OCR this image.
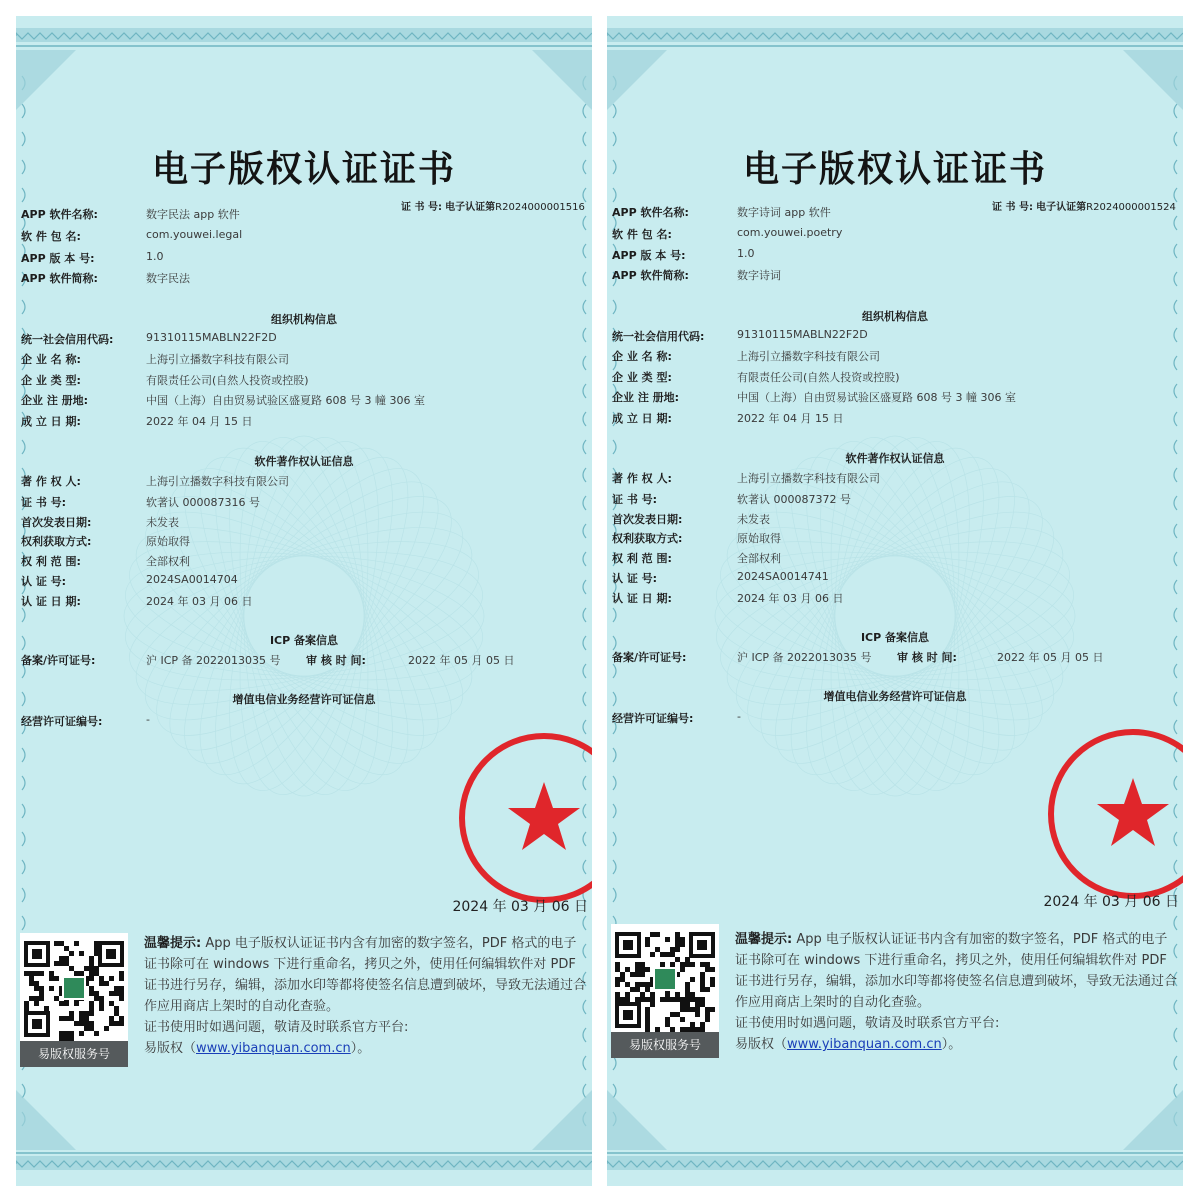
电子版权认证证书
证 书 号: 电子认证第R2024000001516
APP 软件名称:	数字民法 app 软件
软 件 包 名:	com.youwei.legal
APP 版 本 号:	1.0
APP 软件简称:	数字民法
组织机构信息
统一社会信用代码:	91310115MABLN22F2D
企 业 名 称:	上海引立播数字科技有限公司
企 业 类 型:	有限责任公司(自然人投资或控股)
企业 注 册地:	中国（上海）自由贸易试验区盛夏路 608 号 3 幢 306 室
成 立 日 期:	2022 年 04 月 15 日
软件著作权认证信息
著 作 权 人:	上海引立播数字科技有限公司
证 书 号:	软著认 000087316 号
首次发表日期:	未发表
权利获取方式:	原始取得
权 利 范 围:	全部权利
认 证 号:	2024SA0014704
认 证 日 期:	2024 年 03 月 06 日
ICP 备案信息
备案/许可证号:	沪 ICP 备 2022013035 号 审 核 时 间:	2022 年 05 月 05 日
增值电信业务经营许可证信息
经营许可证编号:	-
2024 年 03 月 06 日
易版权服务号
温馨提示: App 电子版权认证证书内含有加密的数字签名，PDF 格式的电子证书除可在 windows 下进行重命名，拷贝之外，使用任何编辑软件对 PDF 证书进行另存，编辑，添加水印等都将使签名信息遭到破坏，导致无法通过合作应用商店上架时的自动化查验。
证书使用时如遇问题，敬请及时联系官方平台:
易版权（www.yibanquan.com.cn）。
电子版权认证证书
证 书 号: 电子认证第R2024000001524
APP 软件名称:	数字诗词 app 软件
软 件 包 名:	com.youwei.poetry
APP 版 本 号:	1.0
APP 软件简称:	数字诗词
组织机构信息
统一社会信用代码:	91310115MABLN22F2D
企 业 名 称:	上海引立播数字科技有限公司
企 业 类 型:	有限责任公司(自然人投资或控股)
企业 注 册地:	中国（上海）自由贸易试验区盛夏路 608 号 3 幢 306 室
成 立 日 期:	2022 年 04 月 15 日
软件著作权认证信息
著 作 权 人:	上海引立播数字科技有限公司
证 书 号:	软著认 000087372 号
首次发表日期:	未发表
权利获取方式:	原始取得
权 利 范 围:	全部权利
认 证 号:	2024SA0014741
认 证 日 期:	2024 年 03 月 06 日
ICP 备案信息
备案/许可证号:	沪 ICP 备 2022013035 号 审 核 时 间:	2022 年 05 月 05 日
增值电信业务经营许可证信息
经营许可证编号:	-
2024 年 03 月 06 日
易版权服务号
温馨提示: App 电子版权认证证书内含有加密的数字签名，PDF 格式的电子证书除可在 windows 下进行重命名，拷贝之外，使用任何编辑软件对 PDF 证书进行另存，编辑，添加水印等都将使签名信息遭到破坏，导致无法通过合作应用商店上架时的自动化查验。
证书使用时如遇问题，敬请及时联系官方平台:
易版权（www.yibanquan.com.cn）。
